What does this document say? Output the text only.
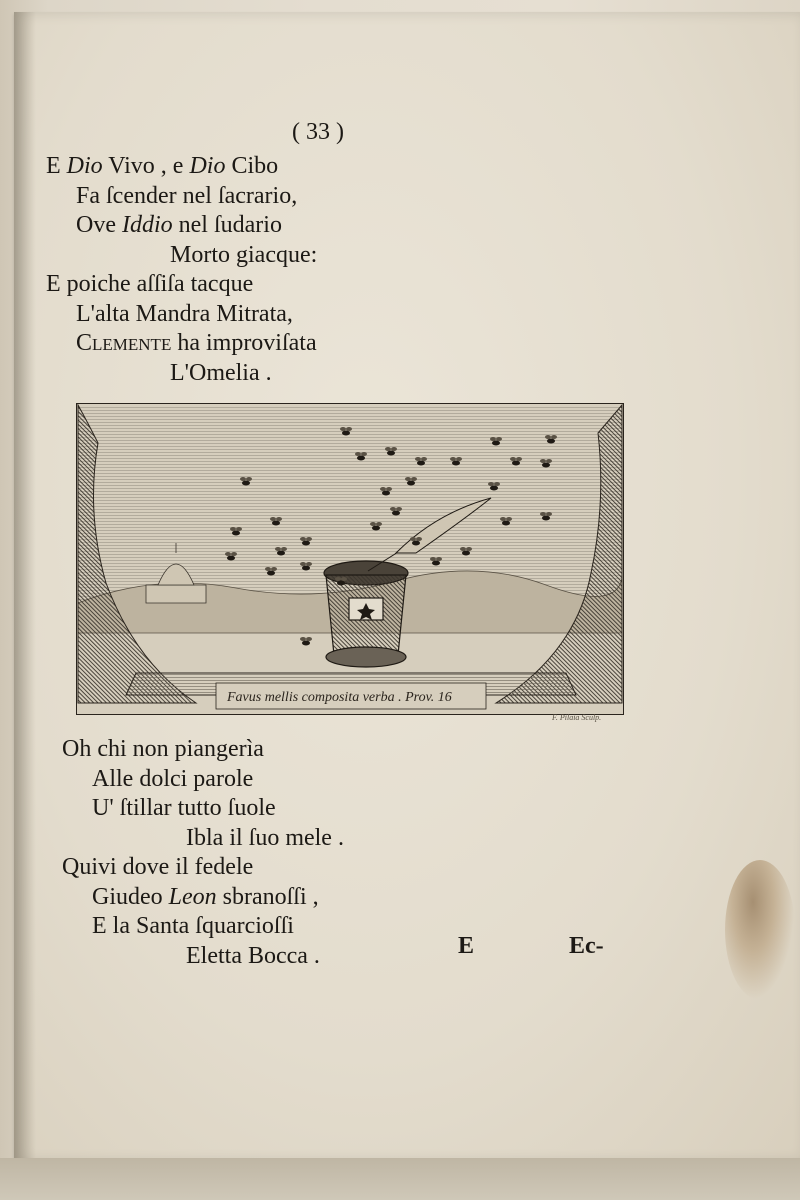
( 33 )
E Dio Vivo , e Dio Cibo
Fa ſcender nel ſacrario,
Ove Iddio nel ſudario
Morto giacque:
E poiche aſſiſa tacque
L'alta Mandra Mitrata,
Clemente ha improviſata
L'Omelia .
Favus mellis composita verba . Prov. 16
F. Pilaia Sculp.
Oh chi non piangerìa
Alle dolci parole
U' ſtillar tutto ſuole
Ibla il ſuo mele .
Quivi dove il fedele
Giudeo Leon sbranoſſi ,
E la Santa ſquarcioſſi
Eletta Bocca .	E	Ec-
